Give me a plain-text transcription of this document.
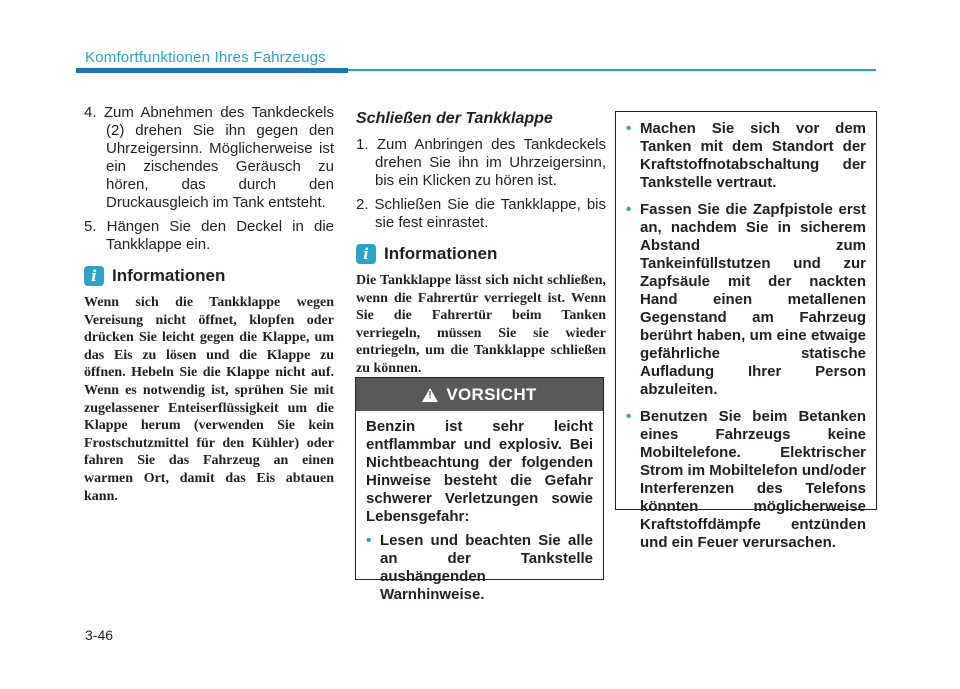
Komfortfunktionen Ihres Fahrzeugs

4. Zum Abnehmen des Tankdeckels (2) drehen Sie ihn gegen den Uhrzeigersinn. Möglicherweise ist ein zischendes Geräusch zu hören, das durch den Druckausgleich im Tank entsteht.

5. Hängen Sie den Deckel in die Tankklappe ein.

i Informationen

Wenn sich die Tankklappe wegen Vereisung nicht öffnet, klopfen oder drücken Sie leicht gegen die Klappe, um das Eis zu lösen und die Klappe zu öffnen. Hebeln Sie die Klappe nicht auf. Wenn es notwendig ist, sprühen Sie mit zugelassener Enteiserflüssigkeit um die Klappe herum (verwenden Sie kein Frostschutzmittel für den Kühler) oder fahren Sie das Fahrzeug an einen warmen Ort, damit das Eis abtauen kann.

Schließen der Tankklappe

1. Zum Anbringen des Tankdeckels drehen Sie ihn im Uhrzeigersinn, bis ein Klicken zu hören ist.

2. Schließen Sie die Tankklappe, bis sie fest einrastet.

i Informationen

Die Tankklappe lässt sich nicht schließen, wenn die Fahrertür verriegelt ist. Wenn Sie die Fahrertür beim Tanken verriegeln, müssen Sie sie wieder entriegeln, um die Tankklappe schließen zu können.

!
VORSICHT

Benzin ist sehr leicht entflammbar und explosiv. Bei Nichtbeachtung der folgenden Hinweise besteht die Gefahr schwerer Verletzungen sowie Lebensgefahr:

• Lesen und beachten Sie alle an der Tankstelle aushängenden Warnhinweise.

• Machen Sie sich vor dem Tanken mit dem Standort der Kraftstoffnotabschaltung der Tankstelle vertraut.

• Fassen Sie die Zapfpistole erst an, nachdem Sie in sicherem Abstand zum Tankeinfüllstutzen und zur Zapfsäule mit der nackten Hand einen metallenen Gegenstand am Fahrzeug berührt haben, um eine etwaige gefährliche statische Aufladung Ihrer Person abzuleiten.

• Benutzen Sie beim Betanken eines Fahrzeugs keine Mobiltelefone. Elektrischer Strom im Mobiltelefon und/oder Interferenzen des Telefons könnten möglicherweise Kraftstoffdämpfe entzünden und ein Feuer verursachen.

3-46
